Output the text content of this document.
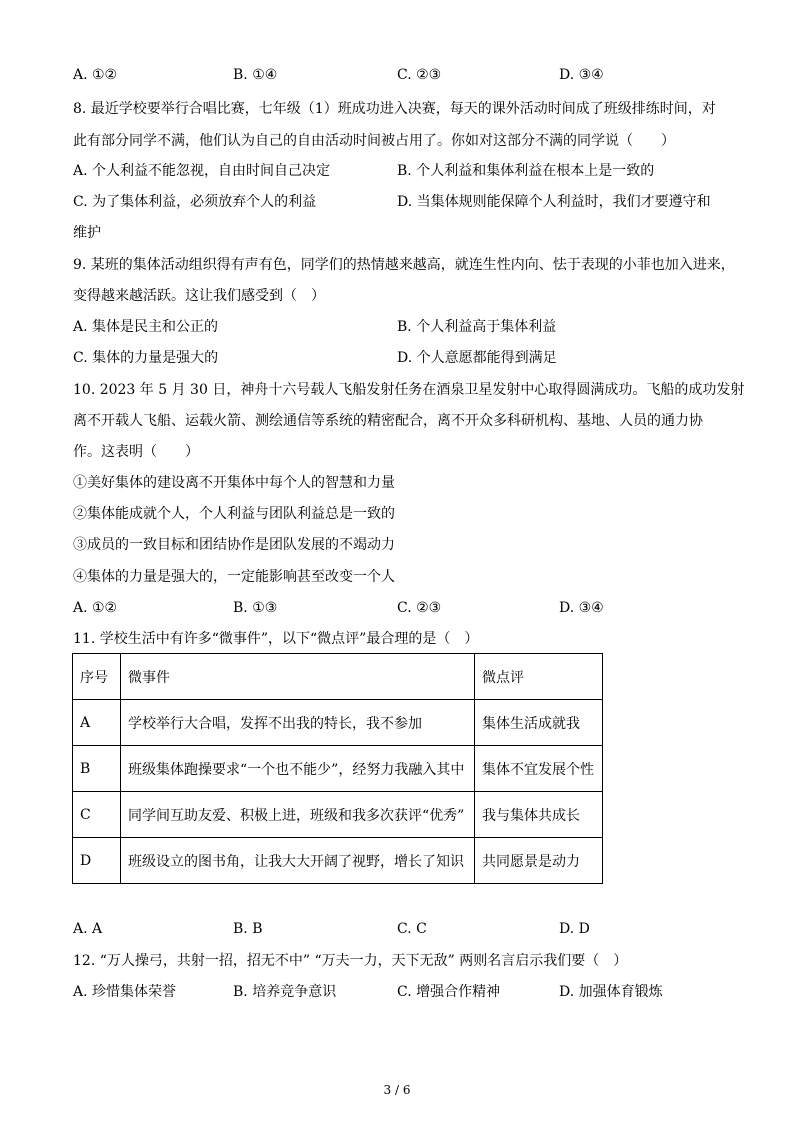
A. ①②	B. ①④	C. ②③	D. ③④
8. 最近学校要举行合唱比赛，七年级（1）班成功进入决赛，每天的课外活动时间成了班级排练时间，对
此有部分同学不满，他们认为自己的自由活动时间被占用了。你如对这部分不满的同学说（　　）
A. 个人利益不能忽视，自由时间自己决定	B. 个人利益和集体利益在根本上是一致的
C. 为了集体利益，必须放弃个人的利益	D. 当集体规则能保障个人利益时，我们才要遵守和
维护
9. 某班的集体活动组织得有声有色，同学们的热情越来越高，就连生性内向、怯于表现的小菲也加入进来，
变得越来越活跃。这让我们感受到（　）
A. 集体是民主和公正的	B. 个人利益高于集体利益
C. 集体的力量是强大的	D. 个人意愿都能得到满足
10. 2023 年 5 月 30 日，神舟十六号载人飞船发射任务在酒泉卫星发射中心取得圆满成功。飞船的成功发射
离不开载人飞船、运载火箭、测绘通信等系统的精密配合，离不开众多科研机构、基地、人员的通力协
作。这表明（　　）
①美好集体的建设离不开集体中每个人的智慧和力量
②集体能成就个人，个人利益与团队利益总是一致的
③成员的一致目标和团结协作是团队发展的不竭动力
④集体的力量是强大的，一定能影响甚至改变一个人
A. ①②	B. ①③	C. ②③	D. ③④
11. 学校生活中有许多“微事件”，以下“微点评”最合理的是（　）
序号	微事件	微点评
A	学校举行大合唱，发挥不出我的特长，我不参加	集体生活成就我
B	班级集体跑操要求“一个也不能少”，经努力我融入其中	集体不宜发展个性
C	同学间互助友爱、积极上进，班级和我多次获评“优秀”	我与集体共成长
D	班级设立的图书角，让我大大开阔了视野，增长了知识	共同愿景是动力
A. A	B. B	C. C	D. D
12. “万人操弓，共射一招，招无不中” “万夫一力，天下无敌” 两则名言启示我们要（　）
A. 珍惜集体荣誉	B. 培养竞争意识	C. 增强合作精神	D. 加强体育锻炼
3 / 6
